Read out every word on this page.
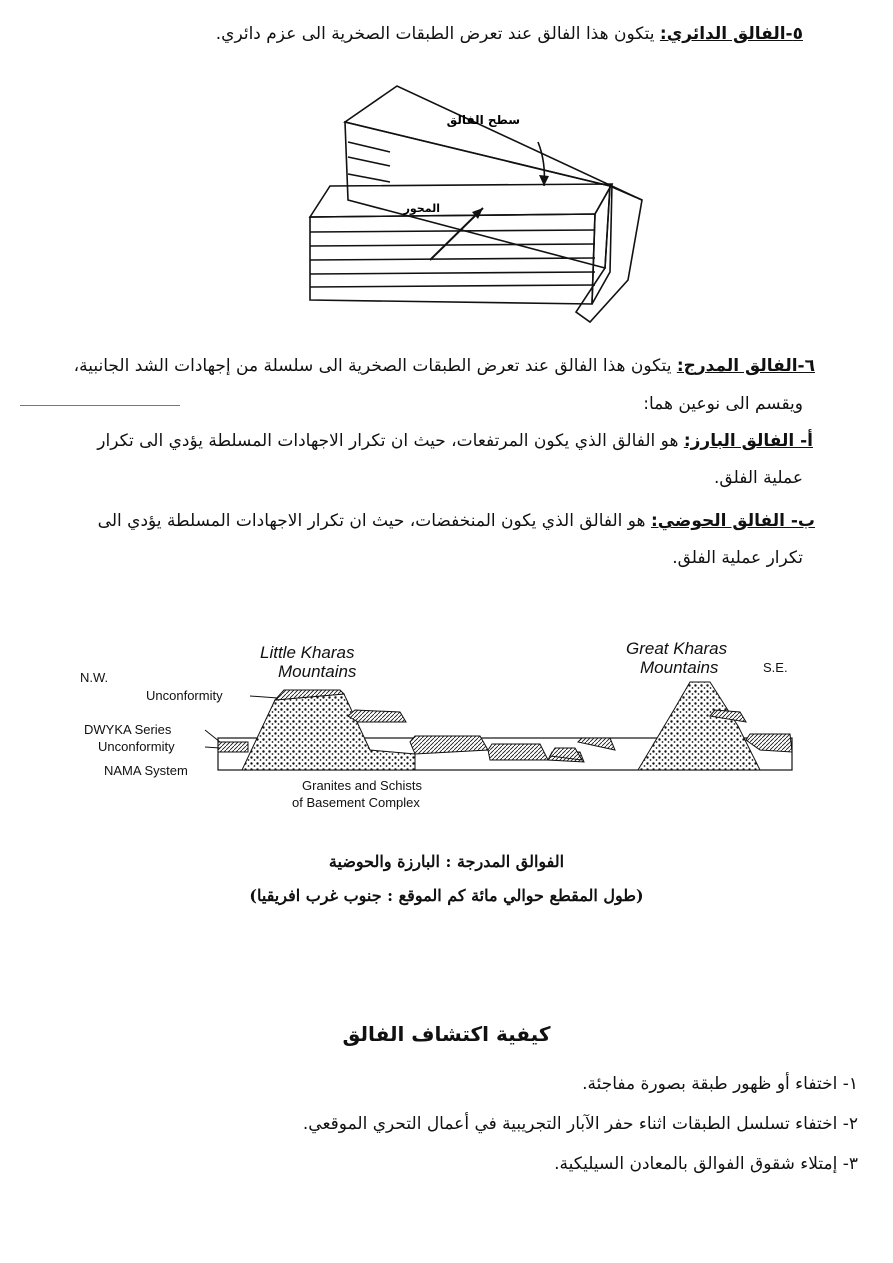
٥-الفالق الدائري: يتكون هذا الفالق عند تعرض الطبقات الصخرية الى عزم دائري.
سطح الفالق
المحور
٦-الفالق المدرج: يتكون هذا الفالق عند تعرض الطبقات الصخرية الى سلسلة من إجهادات الشد الجانبية،
ويقسم الى نوعين هما:
أ- الفالق البارز: هو الفالق الذي يكون المرتفعات، حيث ان تكرار الاجهادات المسلطة يؤدي الى تكرار
عملية الفلق.
ب- الفالق الحوضي: هو الفالق الذي يكون المنخفضات، حيث ان تكرار الاجهادات المسلطة يؤدي الى
تكرار عملية الفلق.
N.W.
S.E.
Little Kharas
Mountains
Great Kharas
Mountains
Unconformity
DWYKA Series
Unconformity
NAMA System
Granites and Schists
of Basement Complex
الفوالق المدرجة : البارزة والحوضية
(طول المقطع حوالي مائة كم الموقع : جنوب غرب افريقيا)
كيفية اكتشاف الفالق
١- اختفاء أو ظهور طبقة بصورة مفاجئة.
٢- اختفاء تسلسل الطبقات اثناء حفر الآبار التجريبية في أعمال التحري الموقعي.
٣- إمتلاء شقوق الفوالق بالمعادن السيليكية.
